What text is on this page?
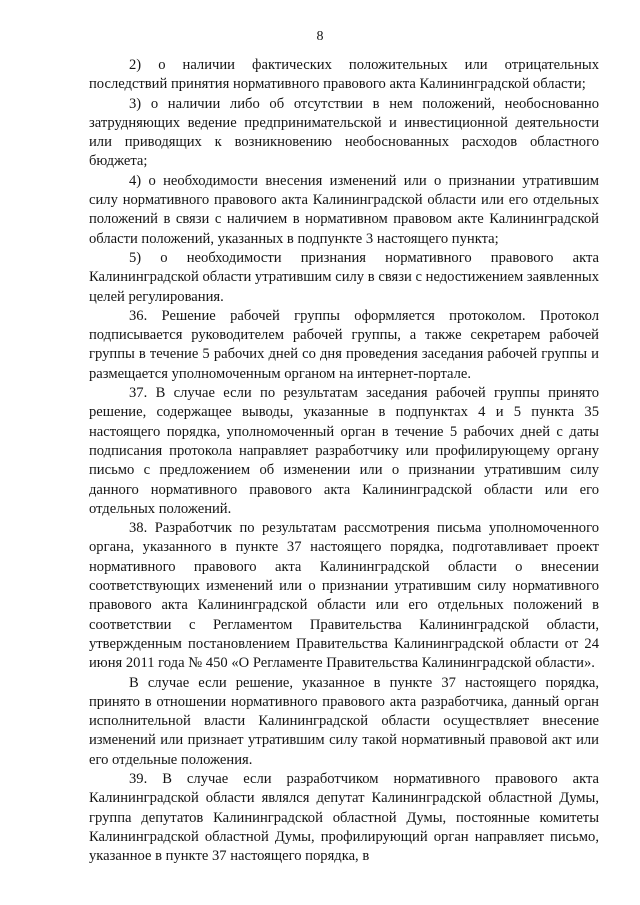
8

2) о наличии фактических положительных или отрицательных последствий принятия нормативного правового акта Калининградской области;

3) о наличии либо об отсутствии в нем положений, необоснованно затрудняющих ведение предпринимательской и инвестиционной деятельности или приводящих к возникновению необоснованных расходов областного бюджета;

4) о необходимости внесения изменений или о признании утратившим силу нормативного правового акта Калининградской области или его отдельных положений в связи с наличием в нормативном правовом акте Калининградской области положений, указанных в подпункте 3 настоящего пункта;

5) о необходимости признания нормативного правового акта Калининградской области утратившим силу в связи с недостижением заявленных целей регулирования.

36. Решение рабочей группы оформляется протоколом. Протокол подписывается руководителем рабочей группы, а также секретарем рабочей группы в течение 5 рабочих дней со дня проведения заседания рабочей группы и размещается уполномоченным органом на интернет-портале.

37. В случае если по результатам заседания рабочей группы принято решение, содержащее выводы, указанные в подпунктах 4 и 5 пункта 35 настоящего порядка, уполномоченный орган в течение 5 рабочих дней с даты подписания протокола направляет разработчику или профилирующему органу письмо с предложением об изменении или о признании утратившим силу данного нормативного правового акта Калининградской области или его отдельных положений.

38. Разработчик по результатам рассмотрения письма уполномоченного органа, указанного в пункте 37 настоящего порядка, подготавливает проект нормативного правового акта Калининградской области о внесении соответствующих изменений или о признании утратившим силу нормативного правового акта Калининградской области или его отдельных положений в соответствии с Регламентом Правительства Калининградской области, утвержденным постановлением Правительства Калининградской области от 24 июня 2011 года № 450 «О Регламенте Правительства Калининградской области».

В случае если решение, указанное в пункте 37 настоящего порядка, принято в отношении нормативного правового акта разработчика, данный орган исполнительной власти Калининградской области осуществляет внесение изменений или признает утратившим силу такой нормативный правовой акт или его отдельные положения.

39. В случае если разработчиком нормативного правового акта Калининградской области являлся депутат Калининградской областной Думы, группа депутатов Калининградской областной Думы, постоянные комитеты Калининградской областной Думы, профилирующий орган направляет письмо, указанное в пункте 37 настоящего порядка, в
